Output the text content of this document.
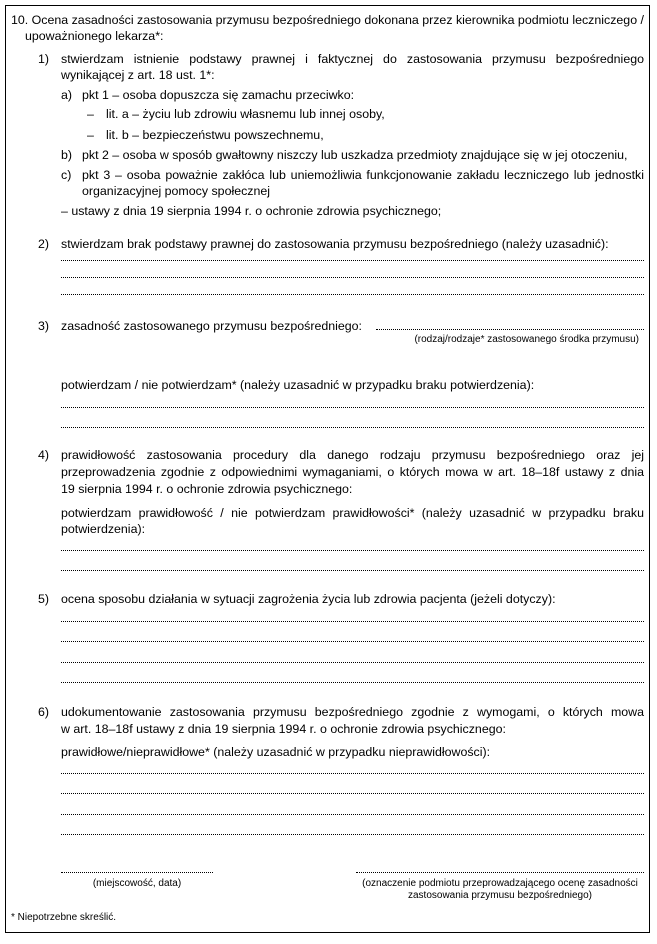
10. Ocena zasadności zastosowania przymusu bezpośredniego dokonana przez kierownika podmiotu leczniczego /
upoważnionego lekarza*:
1) stwierdzam istnienie podstawy prawnej i faktycznej do zastosowania przymusu bezpośredniego
wynikającej z art. 18 ust. 1*:
a) pkt 1 – osoba dopuszcza się zamachu przeciwko:
– lit. a – życiu lub zdrowiu własnemu lub innej osoby,
– lit. b – bezpieczeństwu powszechnemu,
b) pkt 2 – osoba w sposób gwałtowny niszczy lub uszkadza przedmioty znajdujące się w jej otoczeniu,
c) pkt 3 – osoba poważnie zakłóca lub uniemożliwia funkcjonowanie zakładu leczniczego lub jednostki
organizacyjnej pomocy społecznej
– ustawy z dnia 19 sierpnia 1994 r. o ochronie zdrowia psychicznego;
2) stwierdzam brak podstawy prawnej do zastosowania przymusu bezpośredniego (należy uzasadnić):
3) zasadność zastosowanego przymusu bezpośredniego:
(rodzaj/rodzaje* zastosowanego środka przymusu)
potwierdzam / nie potwierdzam* (należy uzasadnić w przypadku braku potwierdzenia):
4) prawidłowość zastosowania procedury dla danego rodzaju przymusu bezpośredniego oraz jej
przeprowadzenia zgodnie z odpowiednimi wymaganiami, o których mowa w art. 18–18f ustawy z dnia
19 sierpnia 1994 r. o ochronie zdrowia psychicznego:
potwierdzam prawidłowość / nie potwierdzam prawidłowości* (należy uzasadnić w przypadku braku
potwierdzenia):
5) ocena sposobu działania w sytuacji zagrożenia życia lub zdrowia pacjenta (jeżeli dotyczy):
6) udokumentowanie zastosowania przymusu bezpośredniego zgodnie z wymogami, o których mowa
w art. 18–18f ustawy z dnia 19 sierpnia 1994 r. o ochronie zdrowia psychicznego:
prawidłowe/nieprawidłowe* (należy uzasadnić w przypadku nieprawidłowości):
(miejscowość, data)	(oznaczenie podmiotu przeprowadzającego ocenę zasadności
zastosowania przymusu bezpośredniego)
* Niepotrzebne skreślić.
